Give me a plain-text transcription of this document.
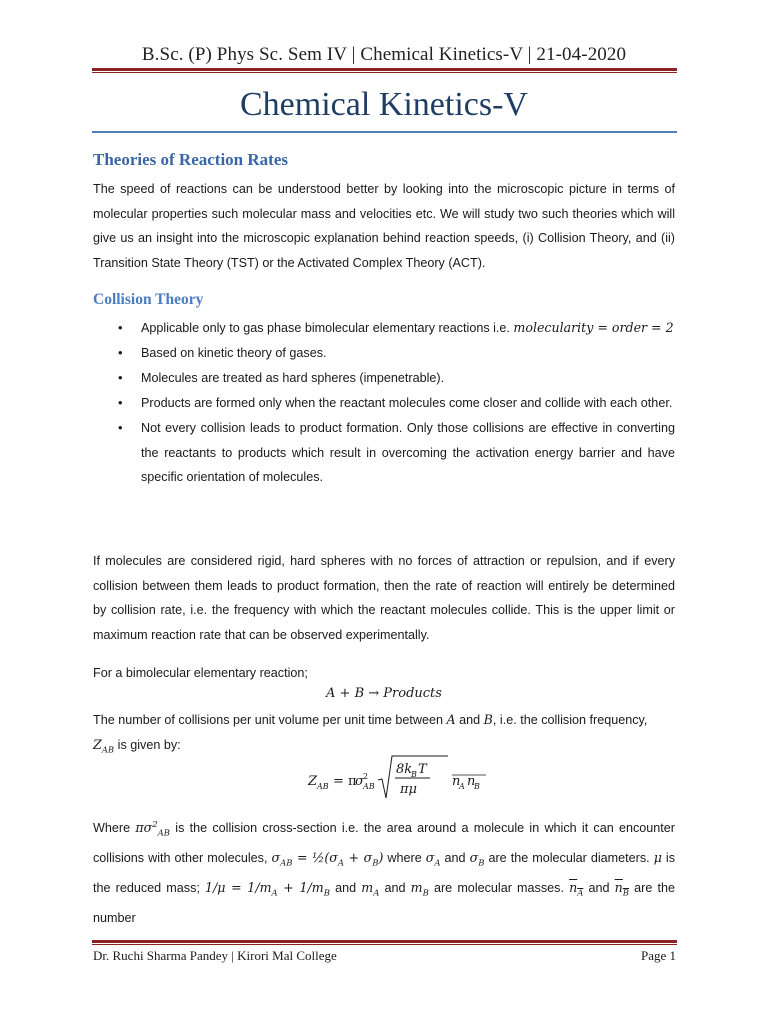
B.Sc. (P) Phys Sc. Sem IV | Chemical Kinetics-V | 21-04-2020
Chemical Kinetics-V
Theories of Reaction Rates
The speed of reactions can be understood better by looking into the microscopic picture in terms of molecular properties such molecular mass and velocities etc. We will study two such theories which will give us an insight into the microscopic explanation behind reaction speeds, (i) Collision Theory, and (ii) Transition State Theory (TST) or the Activated Complex Theory (ACT).
Collision Theory
• Applicable only to gas phase bimolecular elementary reactions i.e. molecularity = order = 2
• Based on kinetic theory of gases.
• Molecules are treated as hard spheres (impenetrable).
• Products are formed only when the reactant molecules come closer and collide with each other.
• Not every collision leads to product formation. Only those collisions are effective in converting the reactants to products which result in overcoming the activation energy barrier and have specific orientation of molecules.
If molecules are considered rigid, hard spheres with no forces of attraction or repulsion, and if every collision between them leads to product formation, then the rate of reaction will entirely be determined by collision rate, i.e. the frequency with which the reactant molecules collide. This is the upper limit or maximum reaction rate that can be observed experimentally.
For a bimolecular elementary reaction;
A + B → Products
The number of collisions per unit volume per unit time between A and B, i.e. the collision frequency,
$Z_{AB}$ is given by:
Z AB = π
σ 2
AB
8k
B T
πμ
n
A n
B
Where $\pi\sigma^2_{AB}$ is the collision cross-section i.e. the area around a molecule in which it can encounter collisions with other molecules, $\sigma_{AB}$ = $\frac{1}{2}(\sigma_A + \sigma_B)$ where $\sigma_A$ and $\sigma_B$ are the molecular diameters. μ is the reduced mass; $1/\mu = 1/m_A + 1/m_B$ and $m_A$ and $m_B$ are molecular masses. $n_A$ and $n_B$ are the number
Dr. Ruchi Sharma Pandey | Kirori Mal College	Page 1
